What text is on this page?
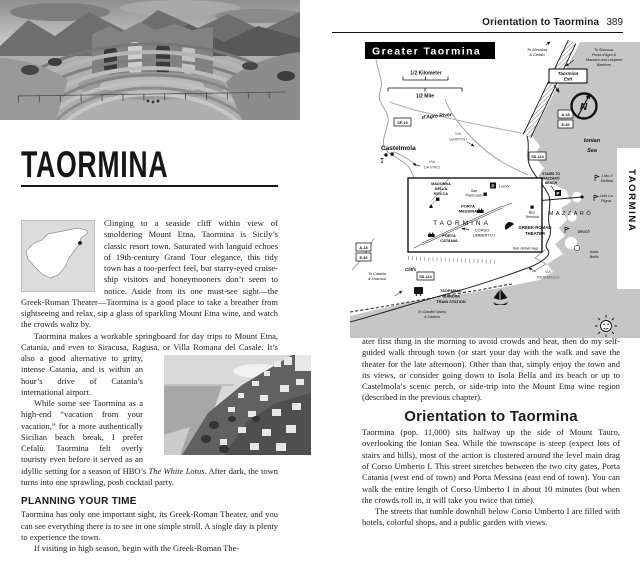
TAORMINA

Clinging to a seaside cliff within view of smoldering Mount Etna, Taormina is Sicily’s classic resort town. Saturated with languid echoes of 19th-century Grand Tour elegance, this tidy town has a too-perfect feel, but starry-eyed cruise-ship visitors and honeymooners don’t seem to notice. Aside from its one must-see sight—the Greek-Roman Theater—Taormina is a good place to take a breather from sightseeing and relax, sip a glass of sparkling Mount Etna wine, and watch the crowds waltz by.

Taormina makes a workable springboard for day trips to Mount Etna, Catania, and even to Siracusa, Ragusa, or Villa Romana del
Casale. It’s also a good alternative to gritty, intense Catania, and is within an hour’s drive of Catania’s international airport.

While some see Taormina as a high-end “vacation from your vacation,” for a more authentically Sicilian beach break, I prefer Cefalù. Taormina felt overly touristy even before it served as an idyllic setting for a season of HBO’s The White Lotus. After dark, the town turns into one sprawling, posh cocktail party.

PLANNING YOUR TIME

Taormina has only one important sight, its Greek-Roman Theater, and you can see everything there is to see in one simple stroll. A single day is plenty to experience the town.

If visiting in high season, begin with the Greek-Roman The-

Orientation to Taormina 389
Greater Taormina
1/2 Kilometer
1/2 Mile
To Messina
& Cefalù
To Siracusa,
Forza d’Agrò &
Mazzarò and Letojanni
Beaches
Taormina
Exit
A-18
E-45
SP-10
SS-114
SS-114
A-18
E-45
N
Ionian
Sea
d’Agrò River
VIA
GARIPOLI
Castelmola
VIA
DA VINCI
STAIRS TO
MAZZARÒ
BEACH
P
MAZZARÒ
Lido Il
Delfino
Lido La
Pigna
Beach
Isola
Bella
MADONNA
DELLA
ROCCA
San
Pancrazio
PORTA
MESSINA
P Lumbi
Bus
Terminal
TAORMINA
CORSO
UMBERTO I
PORTA
CATANIA
See detail map
GREEK-ROMAN
THEATER
Cliffs
To Catania
& Siracusa
TAORMINA-
GIARDINI
TRAIN STATION
To Giardini Naxos
& Catania
VIA
PIRANDELLO
TAORMINA

ater first thing in the morning to avoid crowds and heat, then do my self-guided walk through town (or start your day with the walk and save the theater for the late afternoon). Other than that, simply enjoy the town and its views, or consider going down to Isola Bella and its beach or up to Castelmola’s scenic perch, or side-trip into the Mount Etna wine region (described in the previous chapter).

Orientation to Taormina

Taormina (pop. 11,000) sits halfway up the side of Mount Tauro, overlooking the Ionian Sea. While the townscape is steep (expect lots of stairs and hills), most of the action is clustered around the level main drag of Corso Umberto I. This street stretches between the two city gates, Porta Catania (west end of town) and Porta Messina (east end of town). You can walk the entire length of Corso Umberto I in about 10 minutes (but when the crowds roll in, it will take you twice that time).

The streets that tumble downhill below Corso Umberto I are filled with hotels, colorful shops, and a public garden with views.
